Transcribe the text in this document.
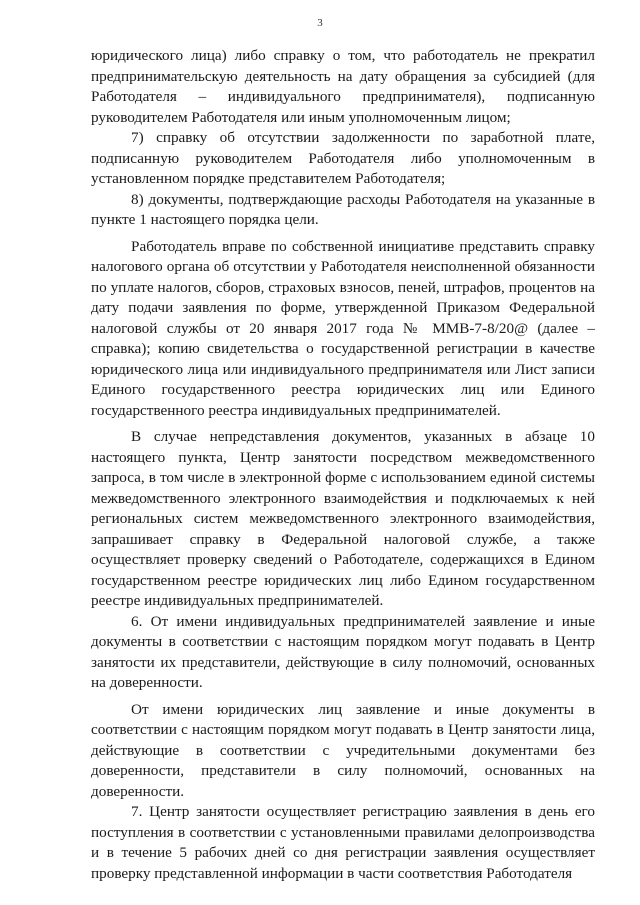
3

юридического лица) либо справку о том, что работодатель не прекратил предпринимательскую деятельность на дату обращения за субсидией (для Работодателя – индивидуального предпринимателя), подписанную руководителем Работодателя или иным уполномоченным лицом;

7) справку об отсутствии задолженности по заработной плате, подписанную руководителем Работодателя либо уполномоченным в установленном порядке представителем Работодателя;

8) документы, подтверждающие расходы Работодателя на указанные в пункте 1 настоящего порядка цели.

Работодатель вправе по собственной инициативе представить справку налогового органа об отсутствии у Работодателя неисполненной обязанности по уплате налогов, сборов, страховых взносов, пеней, штрафов, процентов на дату подачи заявления по форме, утвержденной Приказом Федеральной налоговой службы от 20 января 2017 года № ММВ-7-8/20@ (далее – справка); копию свидетельства о государственной регистрации в качестве юридического лица или индивидуального предпринимателя или Лист записи Единого государственного реестра юридических лиц или Единого государственного реестра индивидуальных предпринимателей.

В случае непредставления документов, указанных в абзаце 10 настоящего пункта, Центр занятости посредством межведомственного запроса, в том числе в электронной форме с использованием единой системы межведомственного электронного взаимодействия и подключаемых к ней региональных систем межведомственного электронного взаимодействия, запрашивает справку в Федеральной налоговой службе, а также осуществляет проверку сведений о Работодателе, содержащихся в Едином государственном реестре юридических лиц либо Едином государственном реестре индивидуальных предпринимателей.

6. От имени индивидуальных предпринимателей заявление и иные документы в соответствии с настоящим порядком могут подавать в Центр занятости их представители, действующие в силу полномочий, основанных на доверенности.

От имени юридических лиц заявление и иные документы в соответствии с настоящим порядком могут подавать в Центр занятости лица, действующие в соответствии с учредительными документами без доверенности, представители в силу полномочий, основанных на доверенности.

7. Центр занятости осуществляет регистрацию заявления в день его поступления в соответствии с установленными правилами делопроизводства и в течение 5 рабочих дней со дня регистрации заявления осуществляет проверку представленной информации в части соответствия Работодателя
